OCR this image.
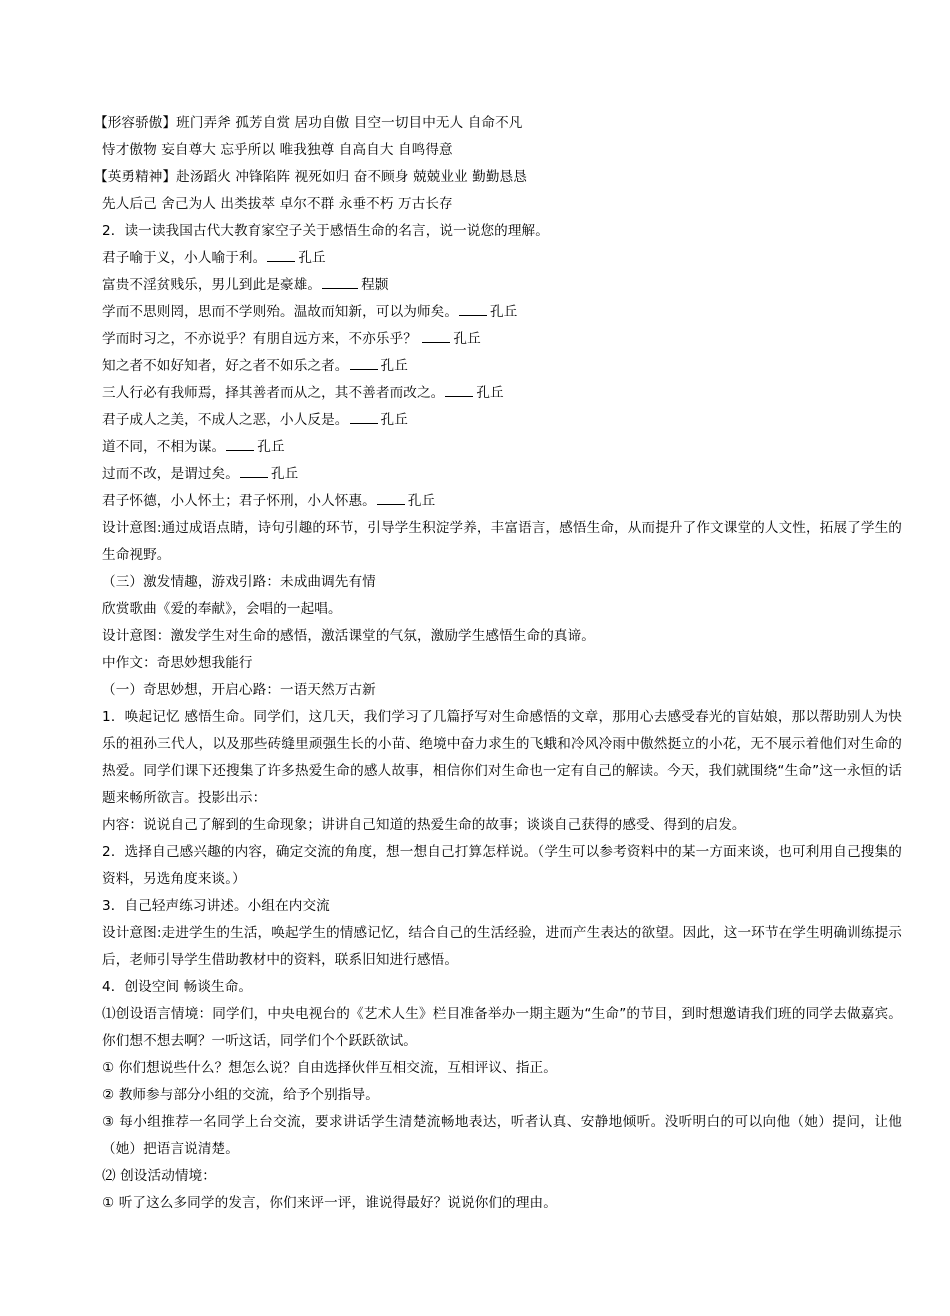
【形容骄傲】班门弄斧 孤芳自赏 居功自傲 目空一切目中无人 自命不凡
恃才傲物 妄自尊大 忘乎所以 唯我独尊 自高自大 自鸣得意
【英勇精神】赴汤蹈火 冲锋陷阵 视死如归 奋不顾身 兢兢业业 勤勤恳恳
先人后己 舍己为人 出类拔萃 卓尔不群 永垂不朽 万古长存
2．读一读我国古代大教育家空子关于感悟生命的名言，说一说您的理解。
君子喻于义，小人喻于利。 孔丘
富贵不淫贫贱乐，男儿到此是豪雄。	程颢
学而不思则罔，思而不学则殆。温故而知新，可以为师矣。 孔丘
学而时习之，不亦说乎？有朋自远方来，不亦乐乎？ 孔丘
知之者不如好知者，好之者不如乐之者。 孔丘
三人行必有我师焉，择其善者而从之，其不善者而改之。 孔丘
君子成人之美，不成人之恶，小人反是。 孔丘
道不同，不相为谋。 孔丘
过而不改，是谓过矣。 孔丘
君子怀德，小人怀土；君子怀刑，小人怀惠。 孔丘
设计意图:通过成语点睛，诗句引趣的环节，引导学生积淀学养，丰富语言，感悟生命，从而提升了作文课堂的人文性，拓展了学生的生命视野。
（三）激发情趣，游戏引路：未成曲调先有情
欣赏歌曲《爱的奉献》，会唱的一起唱。
设计意图：激发学生对生命的感悟，激活课堂的气氛，激励学生感悟生命的真谛。
中作文：奇思妙想我能行
（一）奇思妙想，开启心路：一语天然万古新
1．唤起记忆 感悟生命。同学们，这几天，我们学习了几篇抒写对生命感悟的文章，那用心去感受春光的盲姑娘，那以帮助别人为快乐的祖孙三代人，以及那些砖缝里顽强生长的小苗、绝境中奋力求生的飞蛾和冷风冷雨中傲然挺立的小花，无不展示着他们对生命的热爱。同学们课下还搜集了许多热爱生命的感人故事，相信你们对生命也一定有自己的解读。今天，我们就围绕“生命”这一永恒的话题来畅所欲言。投影出示：
内容：说说自己了解到的生命现象；讲讲自己知道的热爱生命的故事；谈谈自己获得的感受、得到的启发。
2．选择自己感兴趣的内容，确定交流的角度，想一想自己打算怎样说。（学生可以参考资料中的某一方面来谈，也可利用自己搜集的资料，另选角度来谈。）
3．自己轻声练习讲述。小组在内交流
设计意图:走进学生的生活，唤起学生的情感记忆，结合自己的生活经验，进而产生表达的欲望。因此，这一环节在学生明确训练提示后，老师引导学生借助教材中的资料，联系旧知进行感悟。
4．创设空间 畅谈生命。
⑴创设语言情境：同学们，中央电视台的《艺术人生》栏目准备举办一期主题为“生命”的节目，到时想邀请我们班的同学去做嘉宾。你们想不想去啊？一听这话，同学们个个跃跃欲试。
① 你们想说些什么？想怎么说？自由选择伙伴互相交流，互相评议、指正。
② 教师参与部分小组的交流，给予个别指导。
③ 每小组推荐一名同学上台交流，要求讲话学生清楚流畅地表达，听者认真、安静地倾听。没听明白的可以向他（她）提问，让他（她）把语言说清楚。
⑵ 创设活动情境：
① 听了这么多同学的发言，你们来评一评，谁说得最好？说说你们的理由。
